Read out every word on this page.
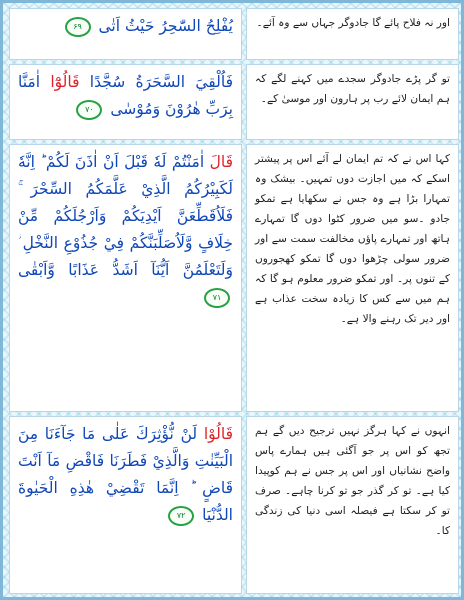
يُفْلِحُ السّٰحِرُ حَيْثُ اَتٰى ۶۹	اور نہ فلاح پائے گا جادوگر جہاں سے وہ آئے۔
فَاُلْقِيَ السَّحَرَةُ سُجَّدًا قَالُوْٓا اٰمَنَّا بِرَبِّ هٰرُوْنَ وَمُوْسٰى ۷۰
تو گر پڑے جادوگر سجدے میں کہنے لگے کہ ہم ایمان لائے رب پر ہارون اور موسیٰ کے۔
قَالَ اٰمَنْتُمْ لَهٗ قَبْلَ اَنْ اٰذَنَ لَكُمْ ؕ اِنَّهٗ لَكَبِيْرُكُمُ الَّذِيْ عَلَّمَكُمُ السِّحْرَ ۚ فَلَاُقَطِّعَنَّ اَيْدِيَكُمْ وَاَرْجُلَكُمْ مِّنْ خِلَافٍ وَّلَاُصَلِّبَنَّكُمْ فِيْ جُذُوْعِ النَّخْلِ ؗ وَلَتَعْلَمُنَّ اَيُّنَآ اَشَدُّ عَذَابًا وَّاَبْقٰى ۷۱
کہا اس نے کہ تم ایمان لے آئے اس پر پیشتر اسکے کہ میں اجازت دوں تمہیں۔ بیشک وہ تمہارا بڑا ہے وہ جس نے سکھایا ہے تمکو جادو ۔سو میں ضرور کٹوا دوں گا تمہارے ہاتھ اور تمہارے پاؤں مخالفت سمت سے اور ضرور سولی چڑھوا دوں گا تمکو کھجوروں کے تنوں پر۔ اور تمکو ضرور معلوم ہو گا کہ ہم میں سے کس کا زیادہ سخت عذاب ہے اور دیر تک رہنے والا ہے۔
قَالُوْا لَنْ نُّؤْثِرَكَ عَلٰى مَا جَآءَنَا مِنَ الْبَيِّنٰتِ وَالَّذِيْ فَطَرَنَا فَاقْضِ مَآ اَنْتَ قَاضٍ ؕ اِنَّمَا تَقْضِيْ هٰذِهِ الْحَيٰوةَ الدُّنْيَا ۷۲
انہوں نے کہا ہرگز نہیں ترجیح دیں گے ہم تجھ کو اس پر جو آگئی ہیں ہمارے پاس واضح نشانیاں اور اس پر جس نے ہم کوپیدا کیا ہے۔ تو کر گذر جو تو کرنا چاہے۔ صرف تو کر سکتا ہے فیصلہ اسی دنیا کی زندگی کا۔
